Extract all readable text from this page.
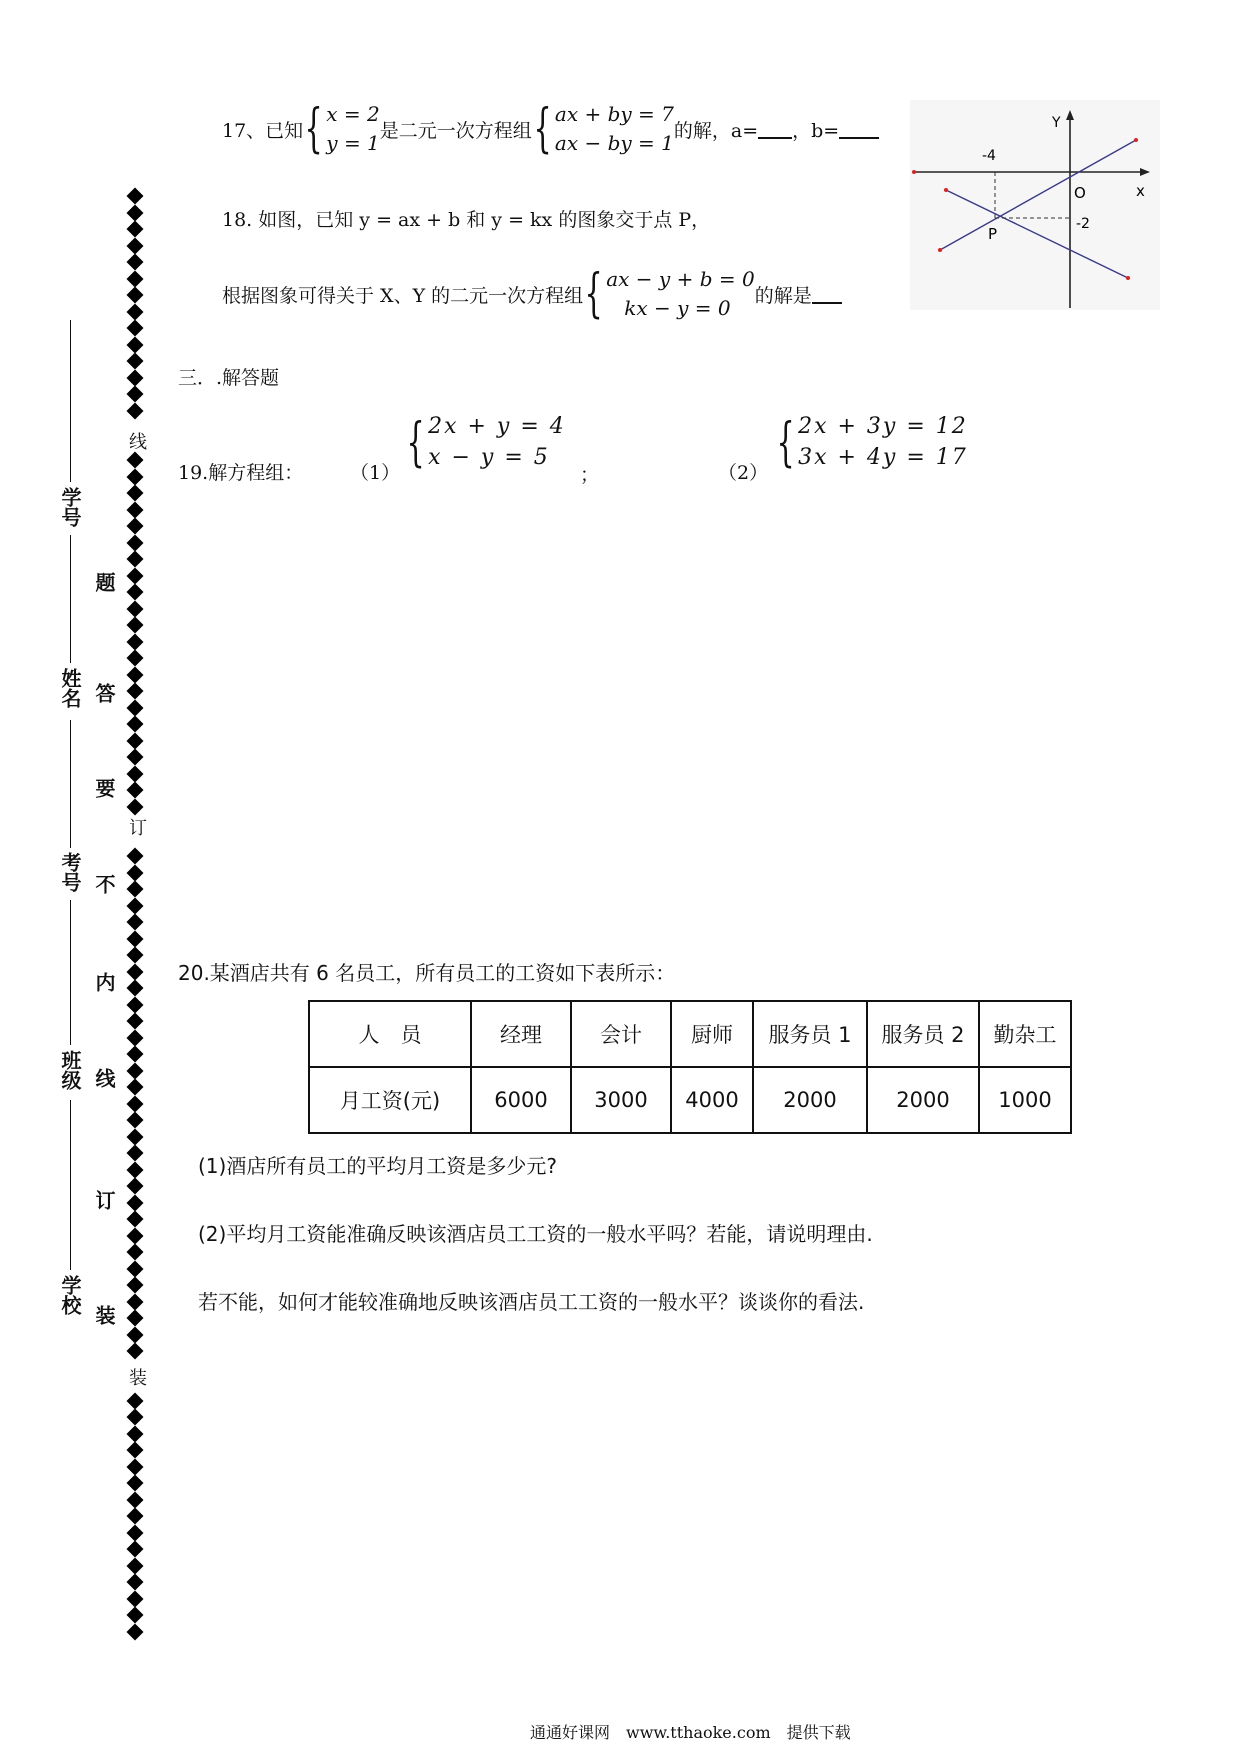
17、已知 { x = 2
y = 1
是二元一次方程组 { ax + by = 7
ax − by = 1
的解，a= ，b=
18. 如图，已知 y = ax + b 和 y = kx 的图象交于点 P，
根据图象可得关于 X、Y 的二元一次方程组 { ax − y + b = 0
kx − y = 0
的解是
Y
x
O
P
-4
-2
三．.解答题
19.解方程组： （1）
{ 2x + y = 4
x − y = 5
；	（2）
{ 2x + 3y = 12
3x + 4y = 17
20.某酒店共有 6 名员工，所有员工的工资如下表所示：
人　员	经理	会计	厨师	服务员 1	服务员 2	勤杂工
月工资(元)	6000	3000	4000	2000	2000	1000
(1)酒店所有员工的平均月工资是多少元?
(2)平均月工资能准确反映该酒店员工工资的一般水平吗？若能，请说明理由.
若不能，如何才能较准确地反映该酒店员工工资的一般水平？谈谈你的看法.
线
订
装
装
订
线
内
不
要
答
题
学校
班级
考号
姓名
学号
通通好课网　www.tthaoke.com　提供下载
